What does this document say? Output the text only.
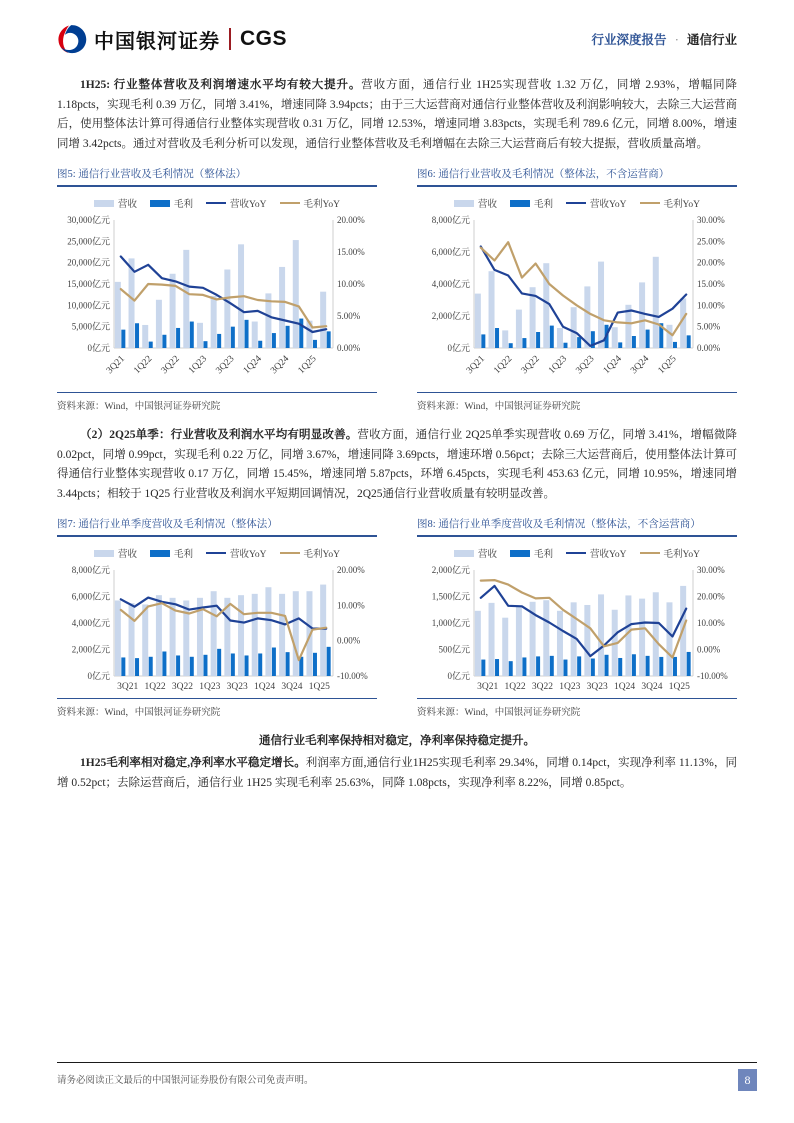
中国银河证券 CGS	行业深度报告 · 通信行业

1H25: 行业整体营收及利润增速水平均有较大提升。营收方面，通信行业 1H25实现营收 1.32 万亿，同增 2.93%，增幅同降 1.18pcts，实现毛利 0.39 万亿，同增 3.41%，增速同降 3.94pcts；由于三大运营商对通信行业整体营收及利润影响较大，去除三大运营商后，使用整体法计算可得通信行业整体实现营收 0.31 万亿，同增 12.53%，增速同增 3.83pcts，实现毛利 789.6 亿元，同增 8.00%，增速同增 3.42pcts。通过对营收及毛利分析可以发现，通信行业整体营收及毛利增幅在去除三大运营商后有较大提振，营收质量高增。

图5: 通信行业营收及毛利情况（整体法）
营收	毛利	营收YoY	毛利YoY
0亿元
5,000亿元
10,000亿元
15,000亿元
20,000亿元
25,000亿元
30,000亿元
0.00%
5.00%
10.00%
15.00%
20.00%
3Q21 1Q22 3Q22 1Q23 3Q23 1Q24 3Q24 1Q25
资料来源：Wind，中国银河证券研究院
图6: 通信行业营收及毛利情况（整体法，不含运营商）
营收	毛利	营收YoY	毛利YoY
0亿元
2,000亿元
4,000亿元
6,000亿元
8,000亿元
0.00%
5.00%
10.00%
15.00%
20.00%
25.00%
30.00%
3Q21 1Q22 3Q22 1Q23 3Q23 1Q24 3Q24 1Q25
资料来源：Wind，中国银河证券研究院

（2）2Q25单季：行业营收及利润水平均有明显改善。营收方面，通信行业 2Q25单季实现营收 0.69 万亿，同增 3.41%，增幅微降 0.02pct，同增 0.99pct，实现毛利 0.22 万亿，同增 3.67%，增速同降 3.69pcts，增速环增 0.56pct；去除三大运营商后，使用整体法计算可得通信行业整体实现营收 0.17 万亿，同增 15.45%，增速同增 5.87pcts，环增 6.45pcts，实现毛利 453.63 亿元，同增 10.95%，增速同增 3.44pcts；相较于 1Q25 行业营收及利润水平短期回调情况，2Q25通信行业营收质量有较明显改善。

图7: 通信行业单季度营收及毛利情况（整体法）
营收	毛利	营收YoY	毛利YoY
0亿元
2,000亿元
4,000亿元
6,000亿元
8,000亿元
-10.00%
0.00%
10.00%
20.00%
3Q21 1Q22 3Q22 1Q23 3Q23 1Q24 3Q24 1Q25
资料来源：Wind，中国银河证券研究院
图8: 通信行业单季度营收及毛利情况（整体法，不含运营商）
营收	毛利	营收YoY	毛利YoY
0亿元
500亿元
1,000亿元
1,500亿元
2,000亿元
-10.00%
0.00%
10.00%
20.00%
30.00%
3Q21 1Q22 3Q22 1Q23 3Q23 1Q24 3Q24 1Q25
资料来源：Wind，中国银河证券研究院

通信行业毛利率保持相对稳定，净利率保持稳定提升。

1H25毛利率相对稳定,净利率水平稳定增长。利润率方面,通信行业1H25实现毛利率 29.34%，同增 0.14pct，实现净利率 11.13%，同增 0.52pct；去除运营商后，通信行业 1H25 实现毛利率 25.63%，同降 1.08pcts，实现净利率 8.22%，同增 0.85pct。

请务必阅读正文最后的中国银河证券股份有限公司免责声明。	8
